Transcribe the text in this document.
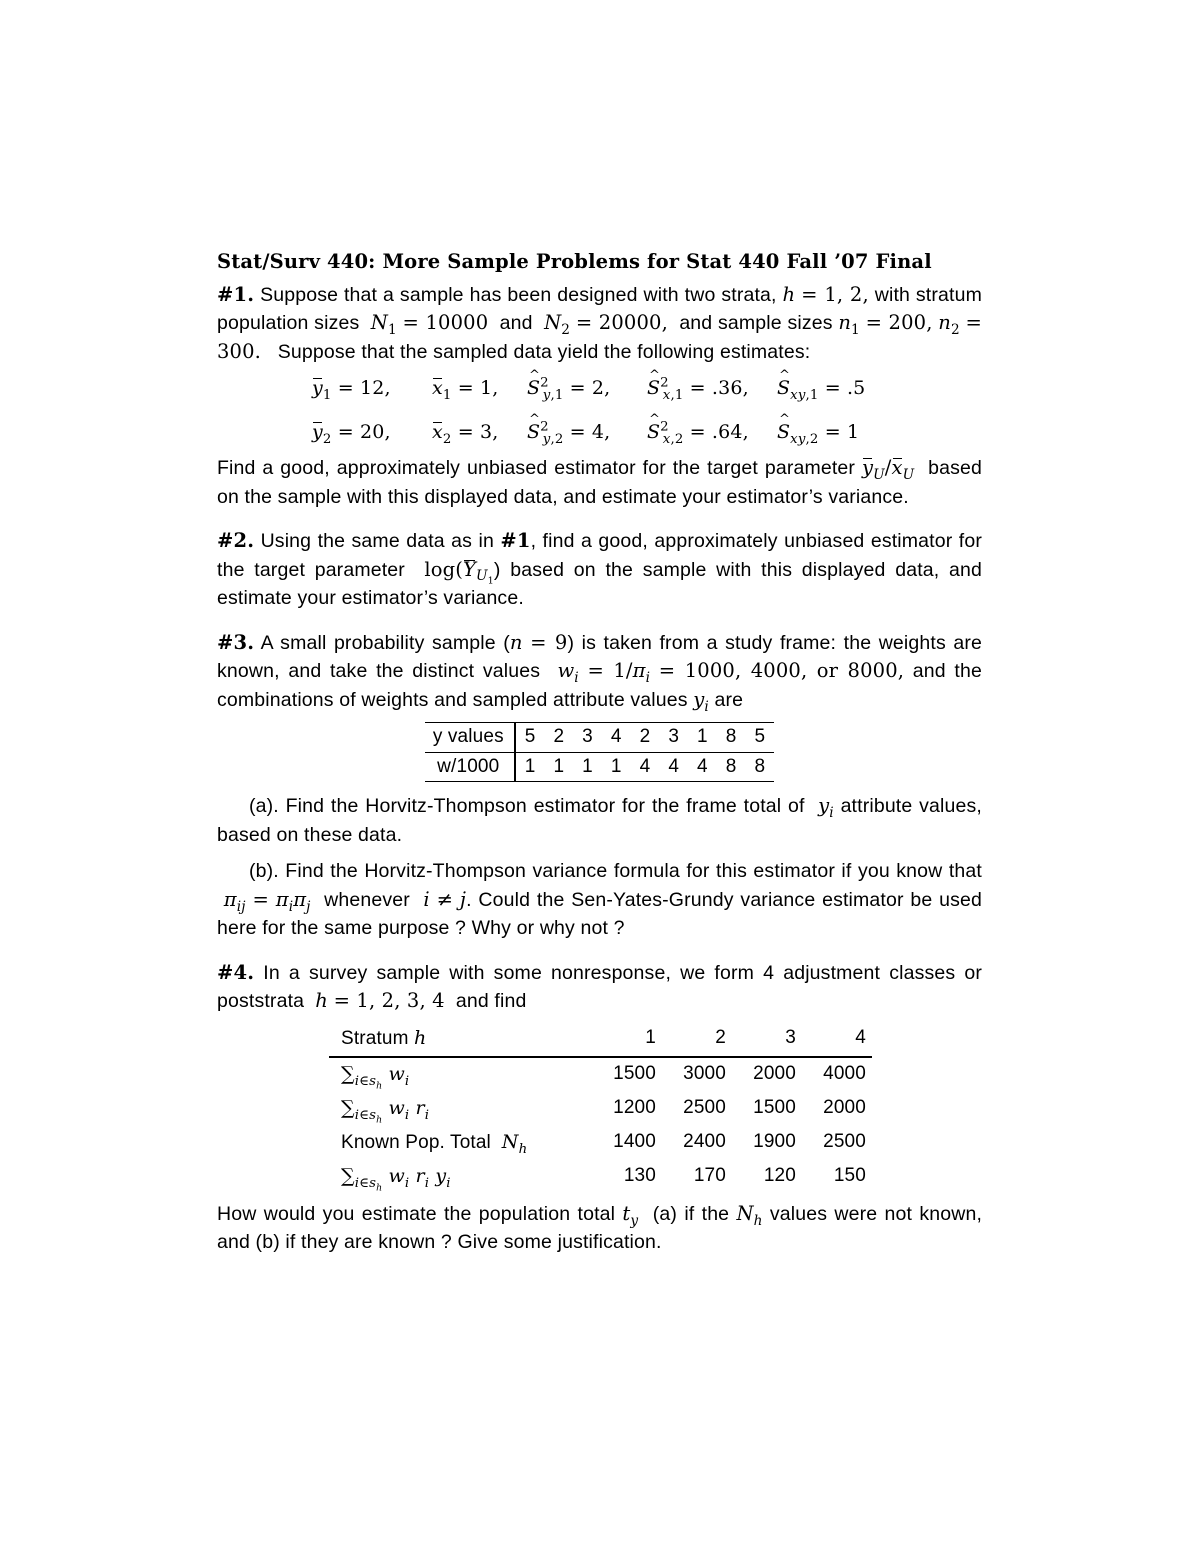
Stat/Surv 440: More Sample Problems for Stat 440 Fall ’07 Final

#1. Suppose that a sample has been designed with two strata, h = 1, 2, with stratum population sizes $N_1 = 10000$ and $N_2 = 20000$, and sample sizes $n_1 = 200$, $n_2 = 300$. Suppose that the sampled data yield the following estimates:

$y_1 = 12$,	$x_1 = 1$,	^ $S^2_{y,1} = 2$,	^ $S^2_{x,1} = .36$,	^ $S_{xy,1} = .5$
$y_2 = 20$,	$x_2 = 3$,	^ $S^2_{y,2} = 4$,	^ $S^2_{x,2} = .64$,	^ $S_{xy,2} = 1$

Find a good, approximately unbiased estimator for the target parameter $y_U/x_U$ based on the sample with this displayed data, and estimate your estimator’s variance.

#2. Using the same data as in #1, find a good, approximately unbiased estimator for the target parameter $\log(Y_{U_1})$ based on the sample with this displayed data, and estimate your estimator’s variance.

#3. A small probability sample (n = 9) is taken from a study frame: the weights are known, and take the distinct values $w_i = 1/\pi_i = 1000$, 4000, or 8000, and the combinations of weights and sampled attribute values $y_i$ are

y values	5	2	3	4	2	3	1	8	5
w/1000	1	1	1	1	4	4	4	8	8

(a). Find the Horvitz-Thompson estimator for the frame total of $y_i$ attribute values, based on these data.

(b). Find the Horvitz-Thompson variance formula for this estimator if you know that  $\pi_{ij} = \pi_i\pi_j$ whenever i ≠ j. Could the Sen-Yates-Grundy variance estimator be used here for the same purpose ? Why or why not ?

#4. In a survey sample with some nonresponse, we form 4 adjustment classes or poststrata h = 1, 2, 3, 4 and find

Stratum h	1	2	3	4
$\sum_{i\in s_h}$ $w_i$	1500	3000	2000	4000
$\sum_{i\in s_h}$ $w_i$ $r_i$	1200	2500	1500	2000
Known Pop. Total $N_h$	1400	2400	1900	2500
$\sum_{i\in s_h}$ $w_i$ $r_i$ $y_i$	130	170	120	150

How would you estimate the population total $t_y$ (a) if the $N_h$ values were not known, and (b) if they are known ? Give some justification.
